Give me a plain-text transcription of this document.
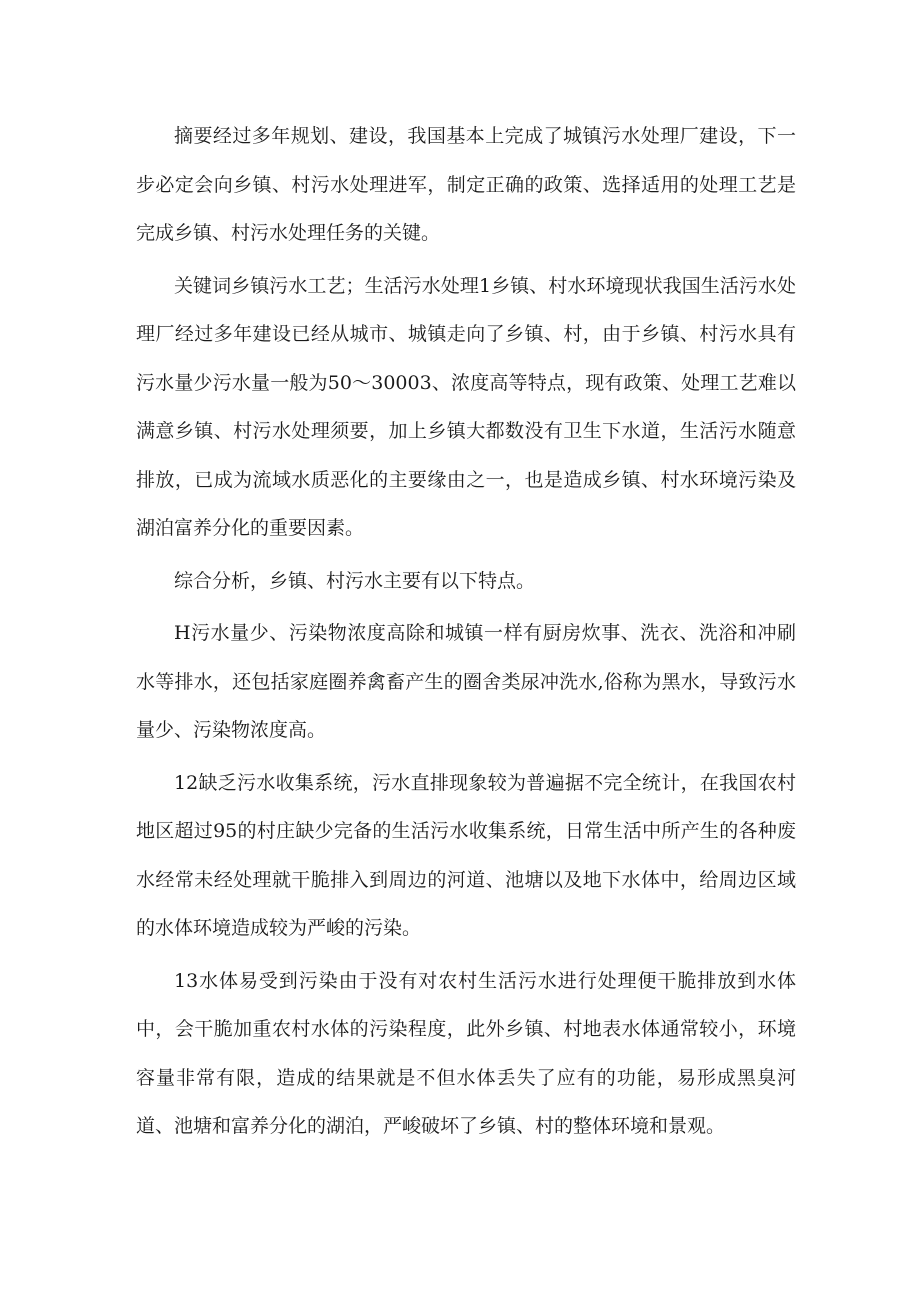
摘要经过多年规划、建设，我国基本上完成了城镇污水处理厂建设，下一步必定会向乡镇、村污水处理进军，制定正确的政策、选择适用的处理工艺是完成乡镇、村污水处理任务的关键。

关键词乡镇污水工艺；生活污水处理1乡镇、村水环境现状我国生活污水处理厂经过多年建设已经从城市、城镇走向了乡镇、村，由于乡镇、村污水具有污水量少污水量一般为50～30003、浓度高等特点，现有政策、处理工艺难以满意乡镇、村污水处理须要，加上乡镇大都数没有卫生下水道，生活污水随意排放，已成为流域水质恶化的主要缘由之一，也是造成乡镇、村水环境污染及湖泊富养分化的重要因素。

综合分析，乡镇、村污水主要有以下特点。

H污水量少、污染物浓度高除和城镇一样有厨房炊事、洗衣、洗浴和冲刷水等排水，还包括家庭圈养禽畜产生的圈舍类尿冲洗水,俗称为黑水，导致污水量少、污染物浓度高。

12缺乏污水收集系统，污水直排现象较为普遍据不完全统计，在我国农村地区超过95的村庄缺少完备的生活污水收集系统，日常生活中所产生的各种废水经常未经处理就干脆排入到周边的河道、池塘以及地下水体中，给周边区域的水体环境造成较为严峻的污染。

13水体易受到污染由于没有对农村生活污水进行处理便干脆排放到水体中，会干脆加重农村水体的污染程度，此外乡镇、村地表水体通常较小，环境容量非常有限，造成的结果就是不但水体丢失了应有的功能，易形成黑臭河道、池塘和富养分化的湖泊，严峻破坏了乡镇、村的整体环境和景观。
